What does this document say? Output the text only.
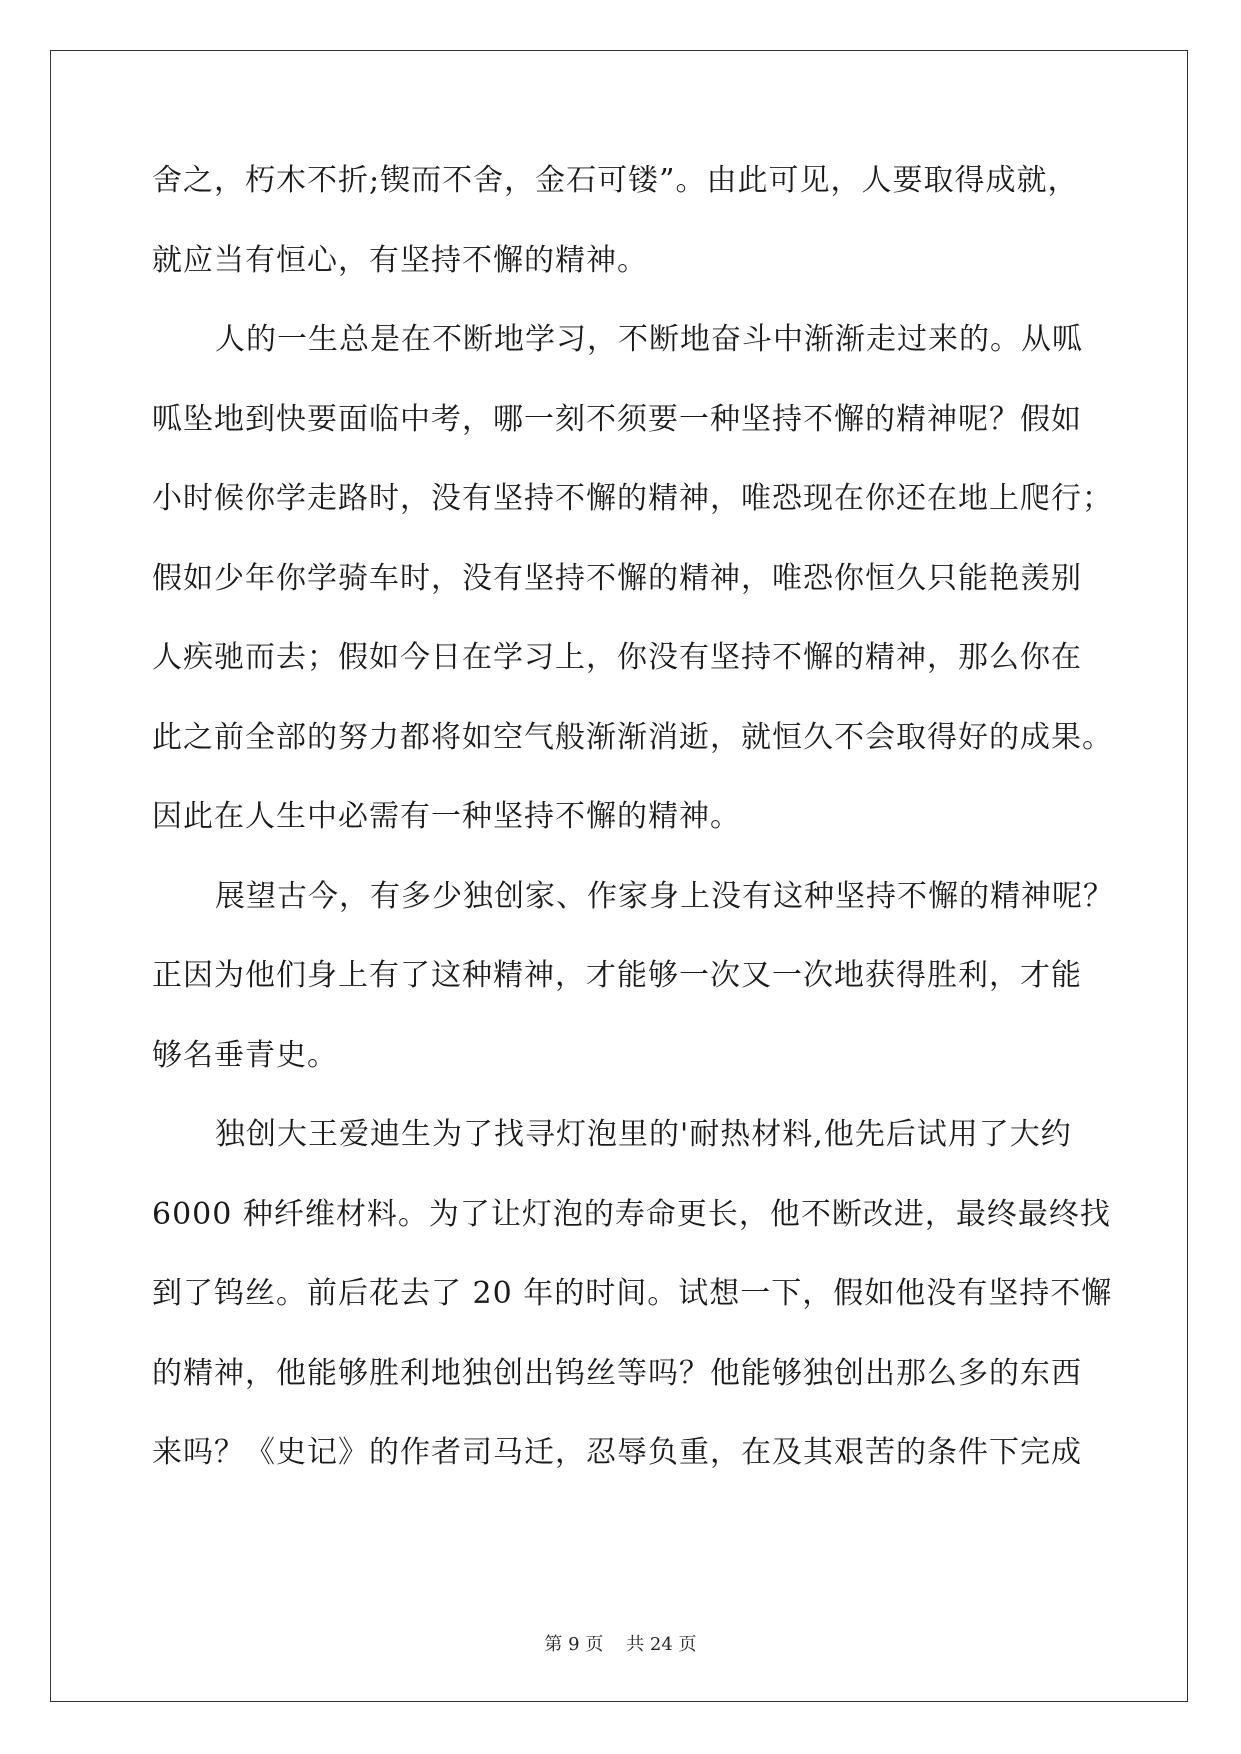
舍之，朽木不折;锲而不舍，金石可镂”。由此可见，人要取得成就，
就应当有恒心，有坚持不懈的精神。
人的一生总是在不断地学习，不断地奋斗中渐渐走过来的。从呱
呱坠地到快要面临中考，哪一刻不须要一种坚持不懈的精神呢？假如
小时候你学走路时，没有坚持不懈的精神，唯恐现在你还在地上爬行；
假如少年你学骑车时，没有坚持不懈的精神，唯恐你恒久只能艳羡别
人疾驰而去；假如今日在学习上，你没有坚持不懈的精神，那么你在
此之前全部的努力都将如空气般渐渐消逝，就恒久不会取得好的成果。
因此在人生中必需有一种坚持不懈的精神。
展望古今，有多少独创家、作家身上没有这种坚持不懈的精神呢？
正因为他们身上有了这种精神，才能够一次又一次地获得胜利，才能
够名垂青史。
独创大王爱迪生为了找寻灯泡里的'耐热材料,他先后试用了大约
6000 种纤维材料。为了让灯泡的寿命更长，他不断改进，最终最终找
到了钨丝。前后花去了 20 年的时间。试想一下，假如他没有坚持不懈
的精神，他能够胜利地独创出钨丝等吗？他能够独创出那么多的东西
来吗？《史记》的作者司马迁，忍辱负重，在及其艰苦的条件下完成
第 9 页    共 24 页
